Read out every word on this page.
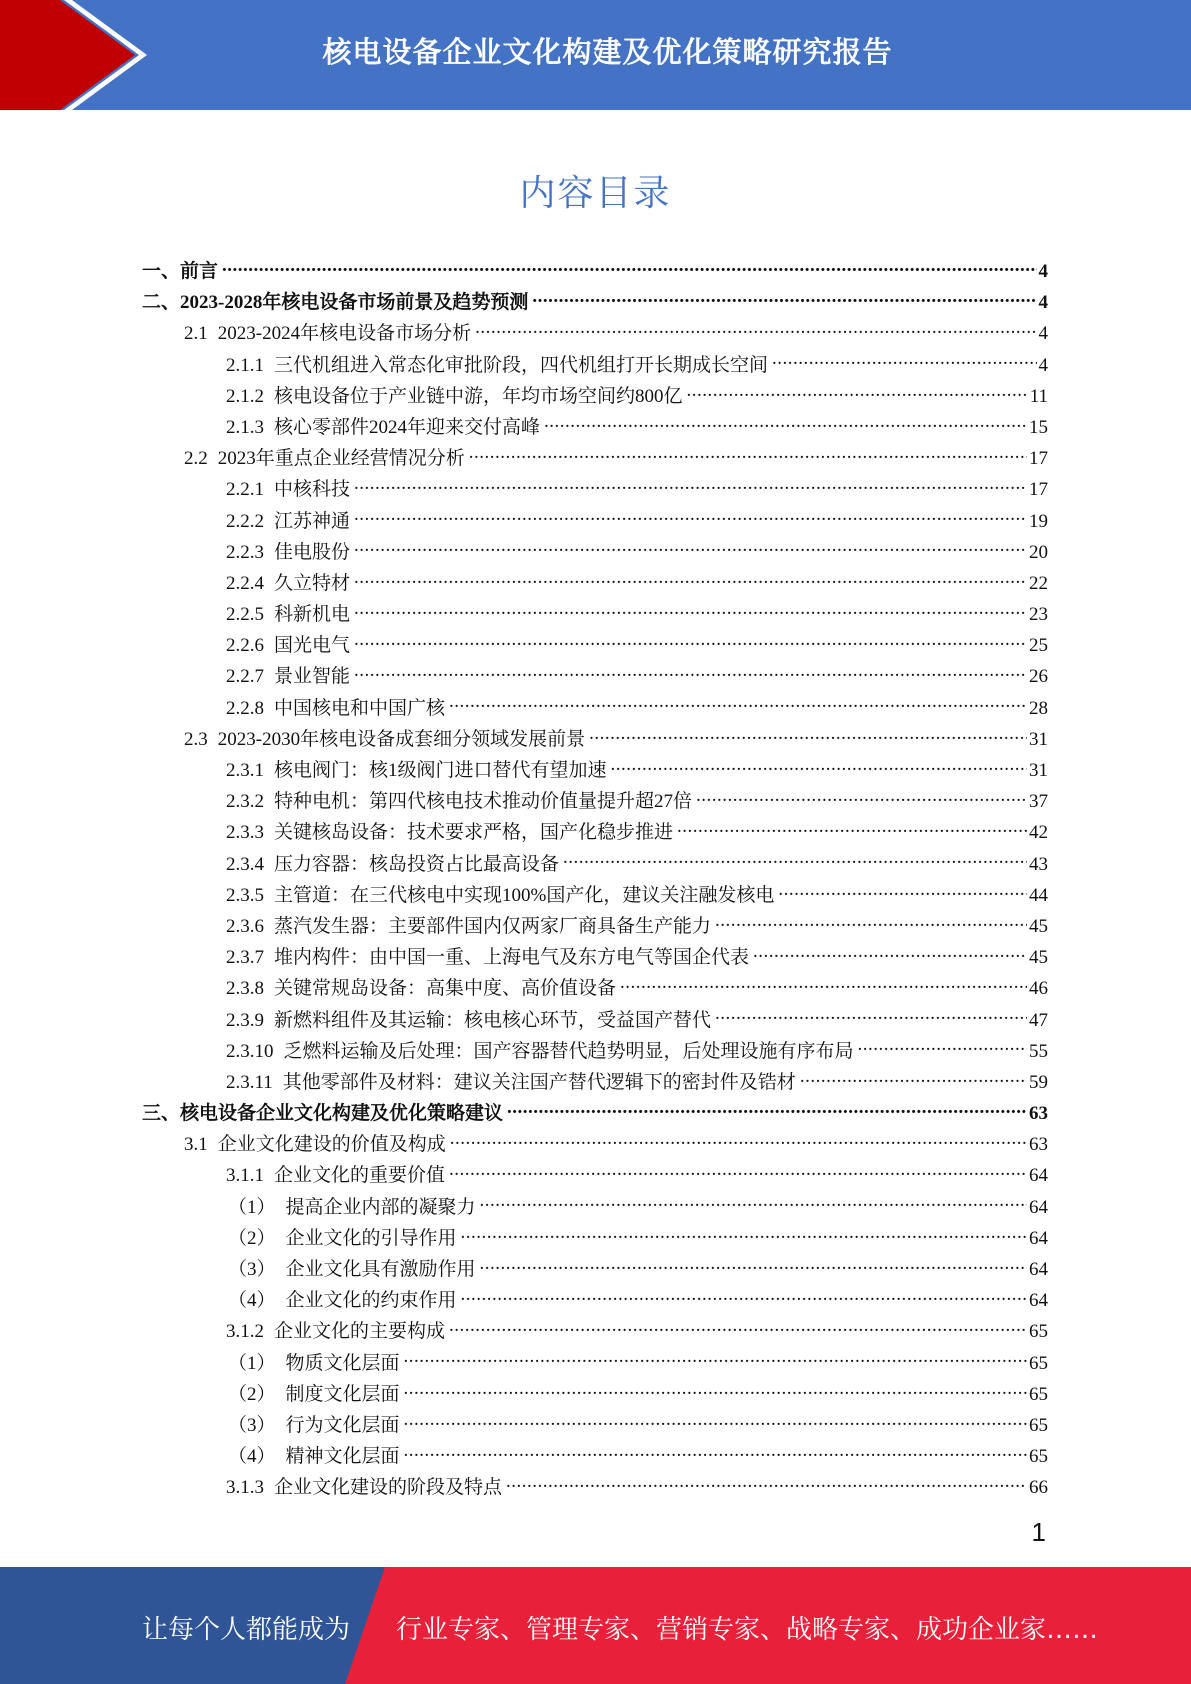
核电设备企业文化构建及优化策略研究报告
内容目录
一、 前言 .....	4
二、 2023-2028年核电设备市场前景及趋势预测 .....	4
2.1 2023-2024年核电设备市场分析 .....	4
2.1.1 三代机组进入常态化审批阶段，四代机组打开长期成长空间 .....	4
2.1.2 核电设备位于产业链中游，年均市场空间约800亿 .....	11
2.1.3 核心零部件2024年迎来交付高峰 .....	15
2.2 2023年重点企业经营情况分析 .....	17
2.2.1 中核科技 .....	17
2.2.2 江苏神通 .....	19
2.2.3 佳电股份 .....	20
2.2.4 久立特材 .....	22
2.2.5 科新机电 .....	23
2.2.6 国光电气 .....	25
2.2.7 景业智能 .....	26
2.2.8 中国核电和中国广核 .....	28
2.3 2023-2030年核电设备成套细分领域发展前景 .....	31
2.3.1 核电阀门：核1级阀门进口替代有望加速 .....	31
2.3.2 特种电机：第四代核电技术推动价值量提升超27倍 .....	37
2.3.3 关键核岛设备：技术要求严格，国产化稳步推进 .....	42
2.3.4 压力容器：核岛投资占比最高设备 .....	43
2.3.5 主管道：在三代核电中实现100%国产化，建议关注融发核电 .....	44
2.3.6 蒸汽发生器：主要部件国内仅两家厂商具备生产能力 .....	45
2.3.7 堆内构件：由中国一重、上海电气及东方电气等国企代表 .....	45
2.3.8 关键常规岛设备：高集中度、高价值设备 .....	46
2.3.9 新燃料组件及其运输：核电核心环节，受益国产替代 .....	47
2.3.10 乏燃料运输及后处理：国产容器替代趋势明显，后处理设施有序布局 .....	55
2.3.11 其他零部件及材料：建议关注国产替代逻辑下的密封件及锆材 .....	59
三、 核电设备企业文化构建及优化策略建议 .....	63
3.1 企业文化建设的价值及构成 .....	63
3.1.1 企业文化的重要价值 .....	64
（1） 提高企业内部的凝聚力 .....	64
（2） 企业文化的引导作用 .....	64
（3） 企业文化具有激励作用 .....	64
（4） 企业文化的约束作用 .....	64
3.1.2 企业文化的主要构成 .....	65
（1） 物质文化层面 .....	65
（2） 制度文化层面 .....	65
（3） 行为文化层面 .....	65
（4） 精神文化层面 .....	65
3.1.3 企业文化建设的阶段及特点 .....	66
1
让每个人都能成为 行业专家、管理专家、营销专家、战略专家、成功企业家……
